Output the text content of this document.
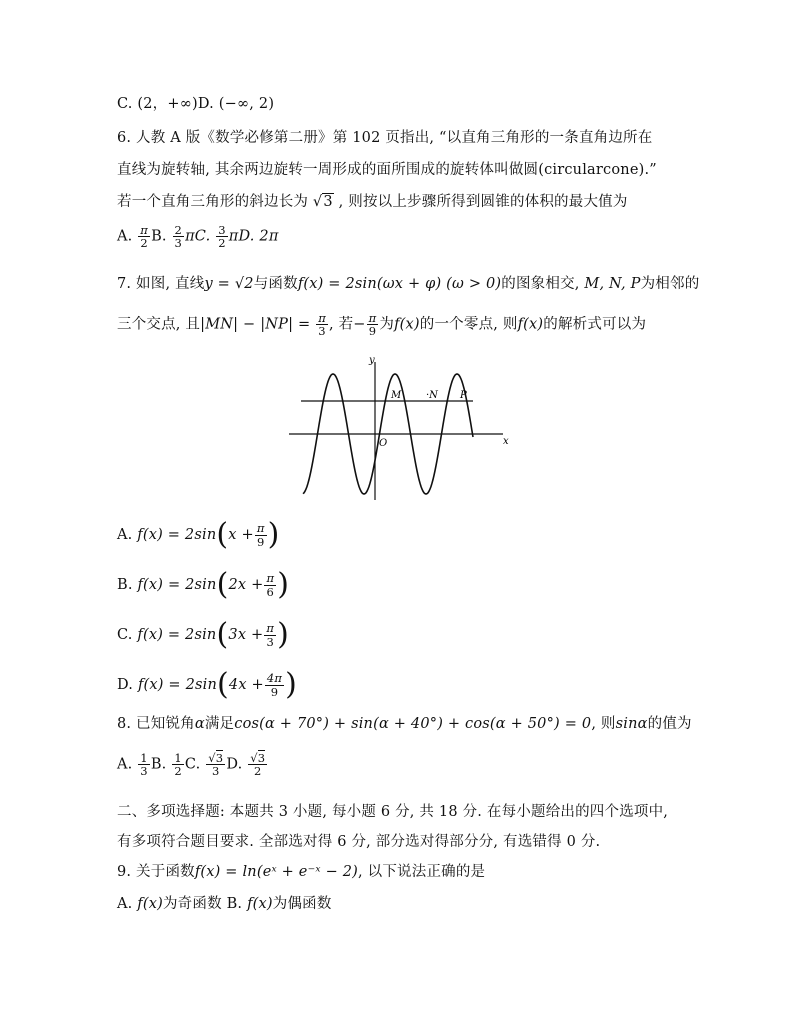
C. (2，+∞)D. (−∞, 2)
6. 人教 A 版《数学必修第二册》第 102 页指出, “以直角三角形的一条直角边所在
直线为旋转轴, 其余两边旋转一周形成的面所围成的旋转体叫做圆(circularcone).”
若一个直角三角形的斜边长为 √3 , 则按以上步骤所得到圆锥的体积的最大值为
A. $\frac{\pi}{2} B$. $\frac{2}{3} \pi C$. $\frac{3}{2} \pi D$. 2π
7. 如图, 直线y = √2与函数f(x) = 2sin(ωx + φ) (ω > 0)的图象相交, M, N, P为相邻的
三个交点, 且$|MN| - |NP| = \frac{\pi}{3}$ , 若− $\frac{\pi}{9}$ 为f(x)的一个零点, 则f(x)的解析式可以为
y
x
O
M ·N P
A. $f(x) = 2\sin(x + \frac{\pi}{9}$ )
B. $f(x) = 2\sin(2x + \frac{\pi}{6}$ )
C. $f(x) = 2\sin(3x + \frac{\pi}{3}$ )
D. $f(x) = 2\sin(4x + \frac{4\pi}{9}$ )
8. 已知锐角α满足cos(α + 70°) + sin(α + 40°) + cos(α + 50°) = 0, 则sinα的值为
A. $\frac{1}{3} B$. $\frac{1}{2} C$. $\frac{√3}{3} D$. $\frac{√3}{2}$
二、多项选择题: 本题共 3 小题, 每小题 6 分, 共 18 分. 在每小题给出的四个选项中,
有多项符合题目要求. 全部选对得 6 分, 部分选对得部分分, 有选错得 0 分.
9. 关于函数f(x) = ln(eˣ + e⁻ˣ − 2), 以下说法正确的是
A. f(x)为奇函数 B. f(x)为偶函数
